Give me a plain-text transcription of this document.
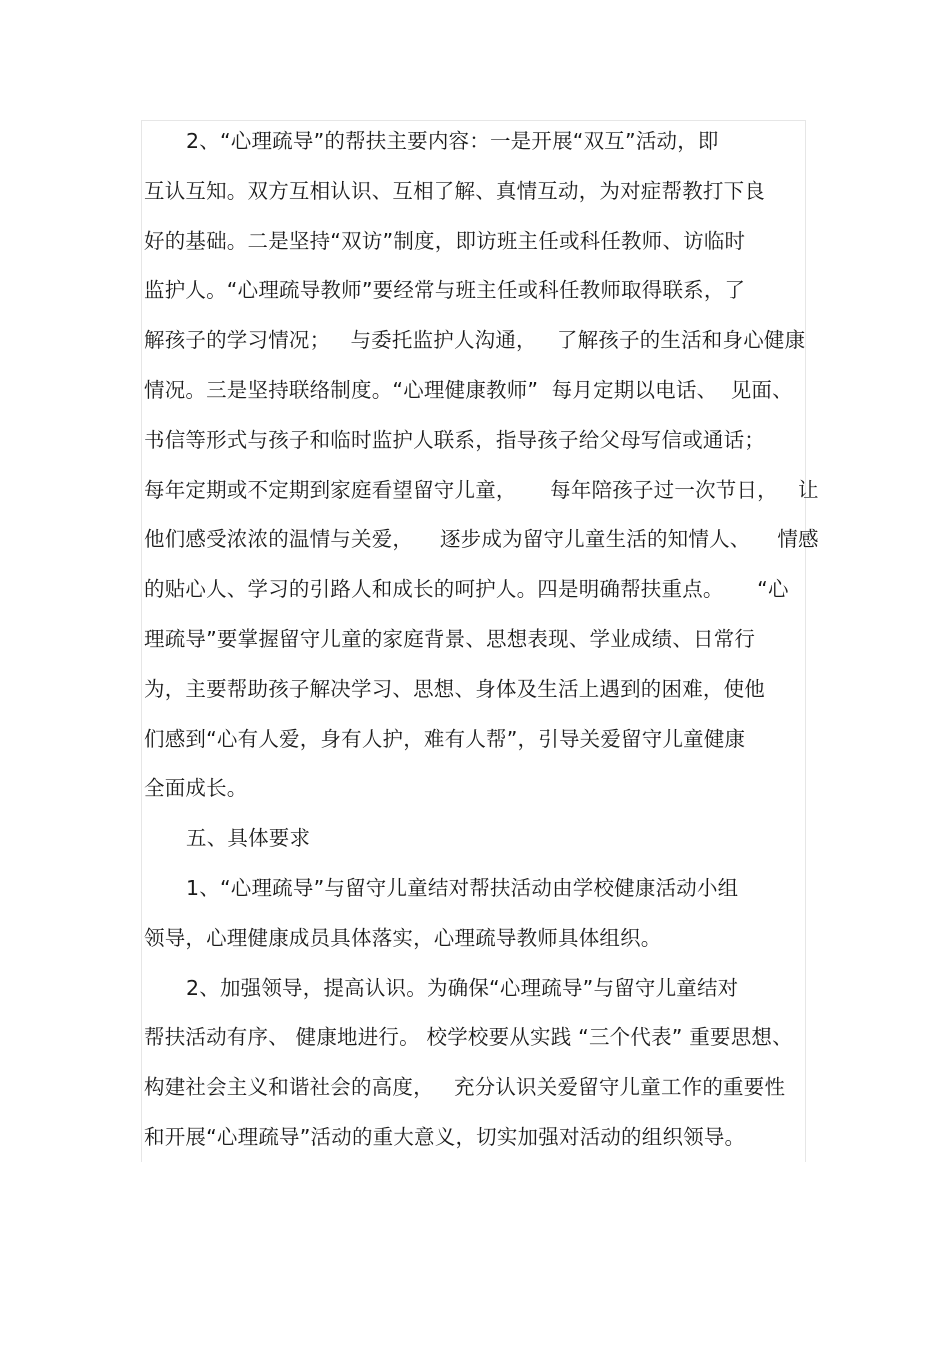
2、“心理疏导”的帮扶主要内容：一是开展“双互”活动，即
互认互知。双方互相认识、互相了解、真情互动，为对症帮教打下良
好的基础。二是坚持“双访”制度，即访班主任或科任教师、访临时
监护人。“心理疏导教师”要经常与班主任或科任教师取得联系，了
解孩子的学习情况；   与委托监护人沟通，   了解孩子的生活和身心健康
情况。三是坚持联络制度。“心理健康教师”  每月定期以电话、  见面、
书信等形式与孩子和临时监护人联系，指导孩子给父母写信或通话；
每年定期或不定期到家庭看望留守儿童，     每年陪孩子过一次节日，   让
他们感受浓浓的温情与关爱，    逐步成为留守儿童生活的知情人、    情感
的贴心人、学习的引路人和成长的呵护人。四是明确帮扶重点。     “心
理疏导”要掌握留守儿童的家庭背景、思想表现、学业成绩、日常行
为，主要帮助孩子解决学习、思想、身体及生活上遇到的困难，使他
们感到“心有人爱，身有人护，难有人帮”，引导关爱留守儿童健康
全面成长。
五、具体要求
1、“心理疏导”与留守儿童结对帮扶活动由学校健康活动小组
领导，心理健康成员具体落实，心理疏导教师具体组织。
2、加强领导，提高认识。为确保“心理疏导”与留守儿童结对
帮扶活动有序、 健康地进行。 校学校要从实践 “三个代表” 重要思想、
构建社会主义和谐社会的高度，   充分认识关爱留守儿童工作的重要性
和开展“心理疏导”活动的重大意义，切实加强对活动的组织领导。
